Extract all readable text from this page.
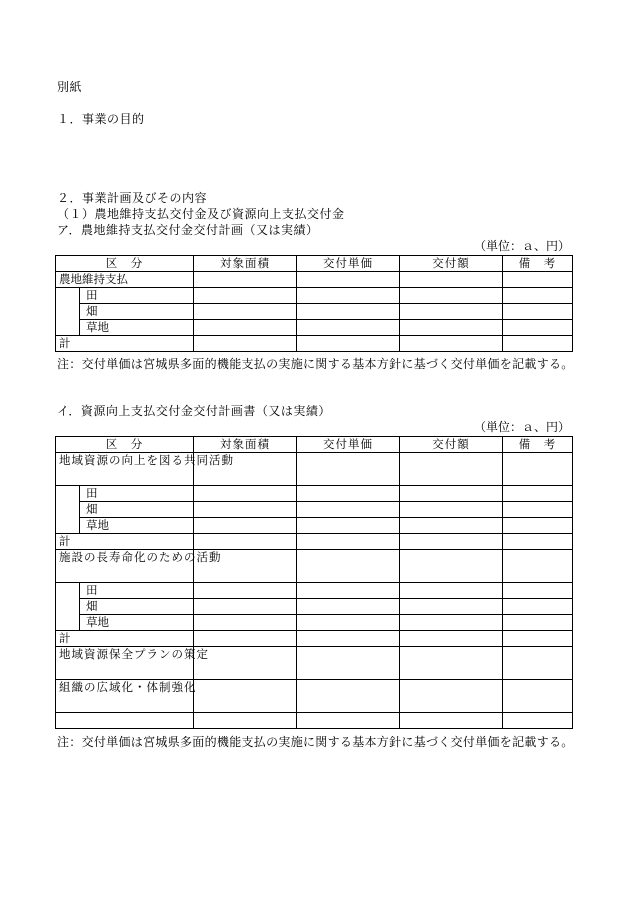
別紙
１．事業の目的
２．事業計画及びその内容
（１）農地維持支払交付金及び資源向上支払交付金
ア．農地維持支払交付金交付計画（又は実績）
（単位：ａ、円）
区　分		対象面積	交付単価	交付額	備　考
農地維持支払					
	田				
	畑				
	草地				
計					
注：交付単価は宮城県多面的機能支払の実施に関する基本方針に基づく交付単価を記載する。
イ．資源向上支払交付金交付計画書（又は実績）
（単位：ａ、円）
区　分		対象面積	交付単価	交付額	備　考
地域資源の向上を図る共同活動					
	田				
	畑				
	草地				
計					
施設の長寿命化のための活動					
	田				
	畑				
	草地				
計					
地域資源保全プランの策定					
組織の広域化・体制強化					

注：交付単価は宮城県多面的機能支払の実施に関する基本方針に基づく交付単価を記載する。
